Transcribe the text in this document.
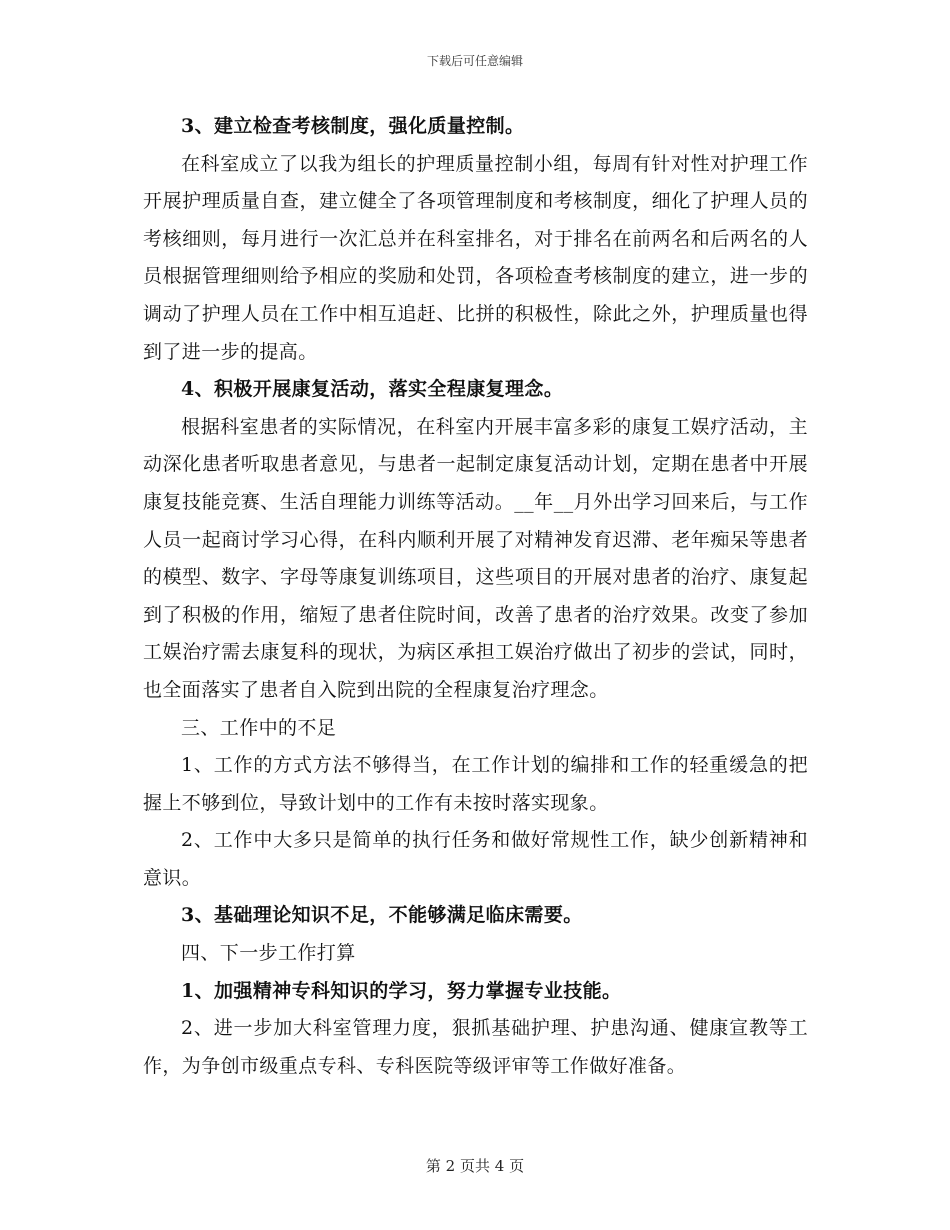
下载后可任意编辑

3、建立检查考核制度，强化质量控制。

在科室成立了以我为组长的护理质量控制小组，每周有针对性对护理工作开展护理质量自查，建立健全了各项管理制度和考核制度，细化了护理人员的考核细则，每月进行一次汇总并在科室排名，对于排名在前两名和后两名的人员根据管理细则给予相应的奖励和处罚，各项检查考核制度的建立，进一步的调动了护理人员在工作中相互追赶、比拼的积极性，除此之外，护理质量也得到了进一步的提高。

4、积极开展康复活动，落实全程康复理念。

根据科室患者的实际情况，在科室内开展丰富多彩的康复工娱疗活动，主动深化患者听取患者意见，与患者一起制定康复活动计划，定期在患者中开展康复技能竞赛、生活自理能力训练等活动。__年__月外出学习回来后，与工作人员一起商讨学习心得，在科内顺利开展了对精神发育迟滞、老年痴呆等患者的模型、数字、字母等康复训练项目，这些项目的开展对患者的治疗、康复起到了积极的作用，缩短了患者住院时间，改善了患者的治疗效果。改变了参加工娱治疗需去康复科的现状，为病区承担工娱治疗做出了初步的尝试，同时，也全面落实了患者自入院到出院的全程康复治疗理念。

三、工作中的不足

1、工作的方式方法不够得当，在工作计划的编排和工作的轻重缓急的把握上不够到位，导致计划中的工作有未按时落实现象。

2、工作中大多只是简单的执行任务和做好常规性工作，缺少创新精神和意识。

3、基础理论知识不足，不能够满足临床需要。

四、下一步工作打算

1、加强精神专科知识的学习，努力掌握专业技能。

2、进一步加大科室管理力度，狠抓基础护理、护患沟通、健康宣教等工作，为争创市级重点专科、专科医院等级评审等工作做好准备。

第 2 页共 4 页
